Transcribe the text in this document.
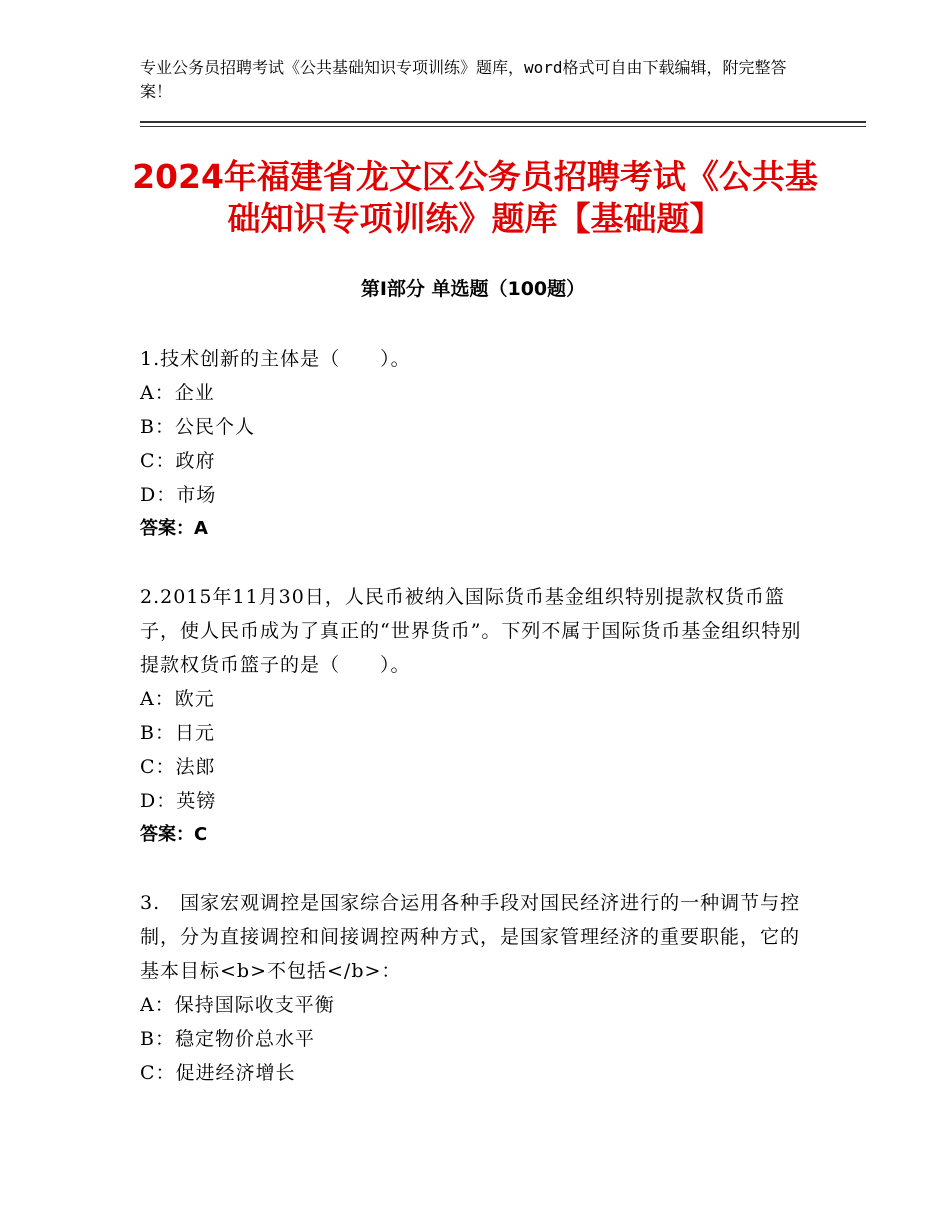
专业公务员招聘考试《公共基础知识专项训练》题库，word格式可自由下载编辑，附完整答案！
2024年福建省龙文区公务员招聘考试《公共基础知识专项训练》题库【基础题】
第Ⅰ部分 单选题（100题）

1.技术创新的主体是（　　）。

A：企业

B：公民个人

C：政府

D：市场

答案：A

2.2015年11月30日，人民币被纳入国际货币基金组织特别提款权货币篮子，使人民币成为了真正的“世界货币”。下列不属于国际货币基金组织特别提款权货币篮子的是（　　）。

A：欧元

B：日元

C：法郎

D：英镑

答案：C

3.　国家宏观调控是国家综合运用各种手段对国民经济进行的一种调节与控制，分为直接调控和间接调控两种方式，是国家管理经济的重要职能，它的基本目标<b>不包括</b>：

A：保持国际收支平衡

B：稳定物价总水平

C：促进经济增长
